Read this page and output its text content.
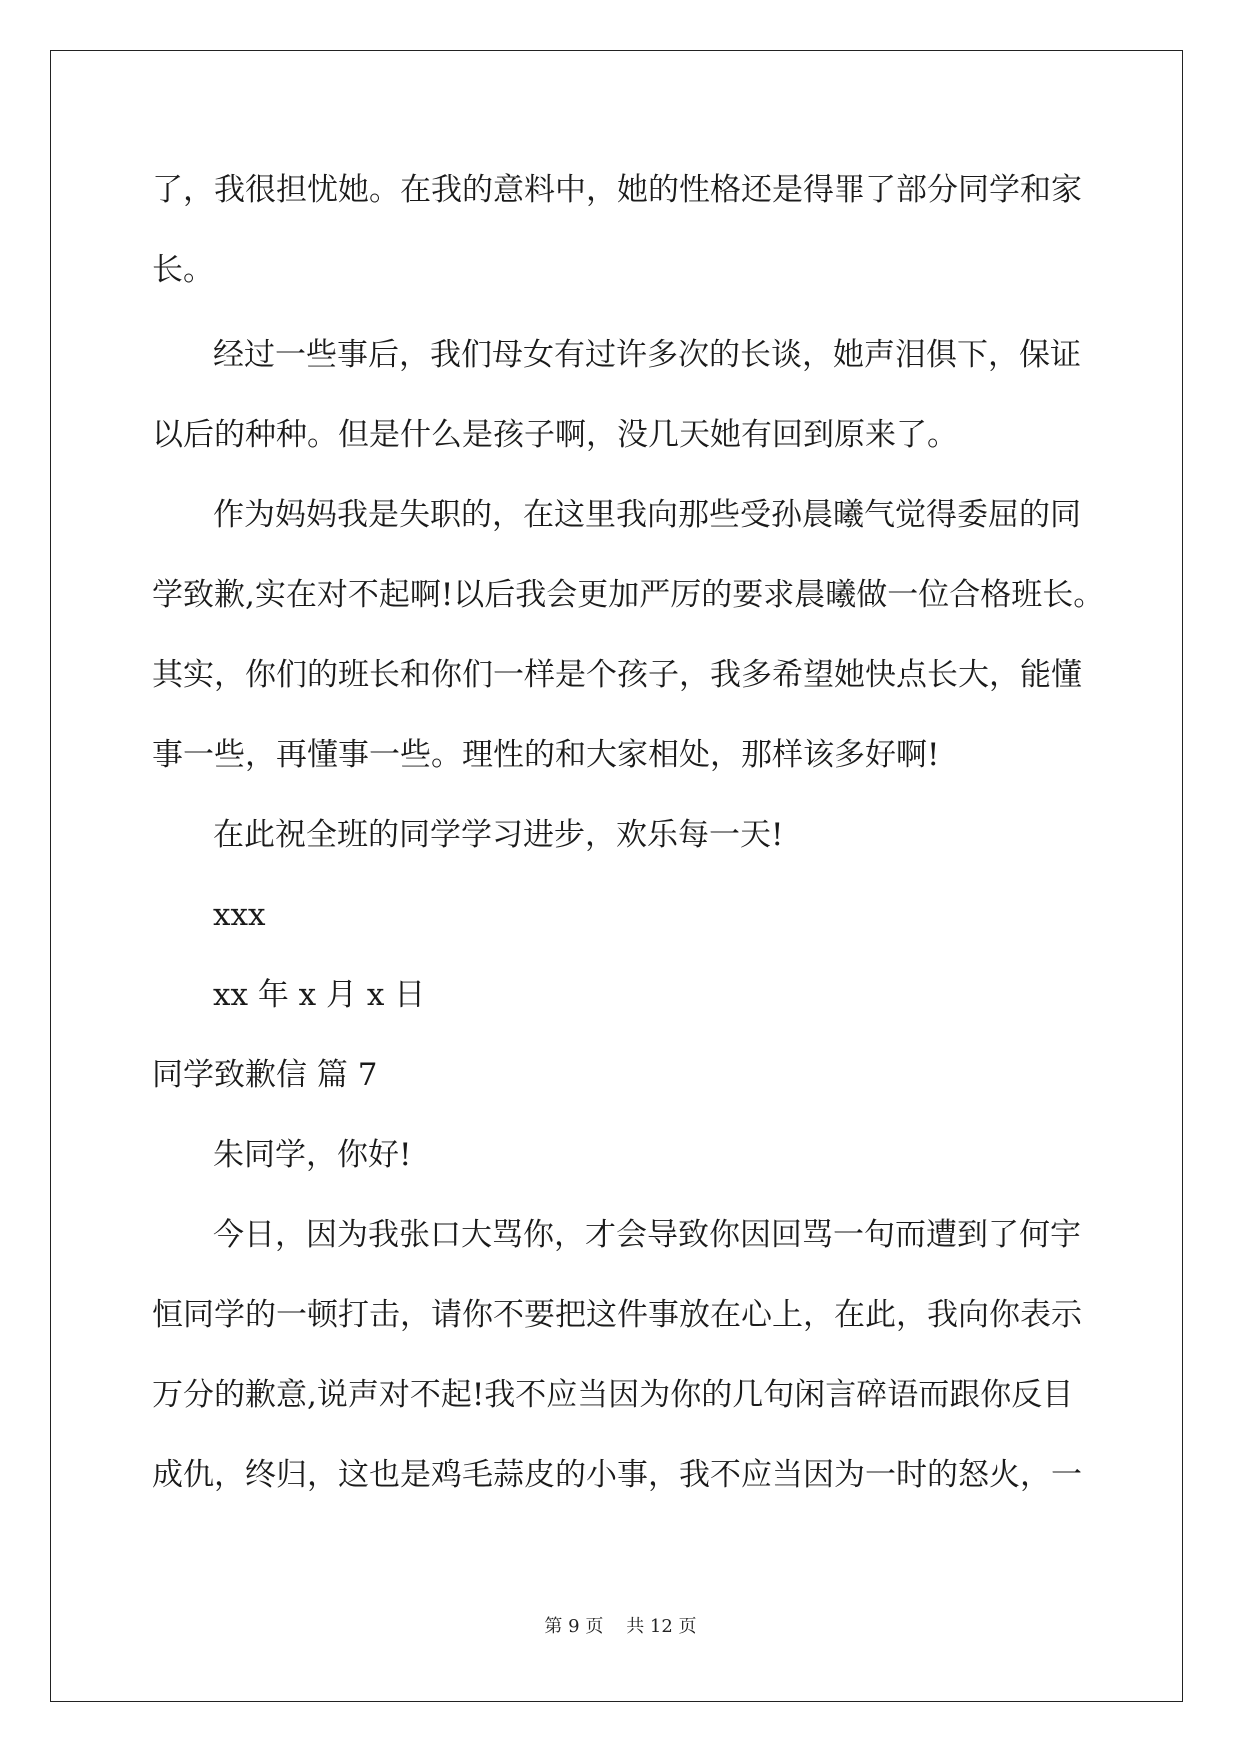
了，我很担忧她。在我的意料中，她的性格还是得罪了部分同学和家

长。

经过一些事后，我们母女有过许多次的长谈，她声泪俱下，保证

以后的种种。但是什么是孩子啊，没几天她有回到原来了。

作为妈妈我是失职的，在这里我向那些受孙晨曦气觉得委屈的同

学致歉,实在对不起啊!以后我会更加严厉的要求晨曦做一位合格班长。

其实，你们的班长和你们一样是个孩子，我多希望她快点长大，能懂

事一些，再懂事一些。理性的和大家相处，那样该多好啊!

在此祝全班的同学学习进步，欢乐每一天!

xxx

xx 年 x 月 x 日

同学致歉信 篇 7

朱同学，你好!

今日，因为我张口大骂你，才会导致你因回骂一句而遭到了何宇

恒同学的一顿打击，请你不要把这件事放在心上，在此，我向你表示

万分的歉意,说声对不起!我不应当因为你的几句闲言碎语而跟你反目

成仇，终归，这也是鸡毛蒜皮的小事，我不应当因为一时的怒火，一

第 9 页    共 12 页
